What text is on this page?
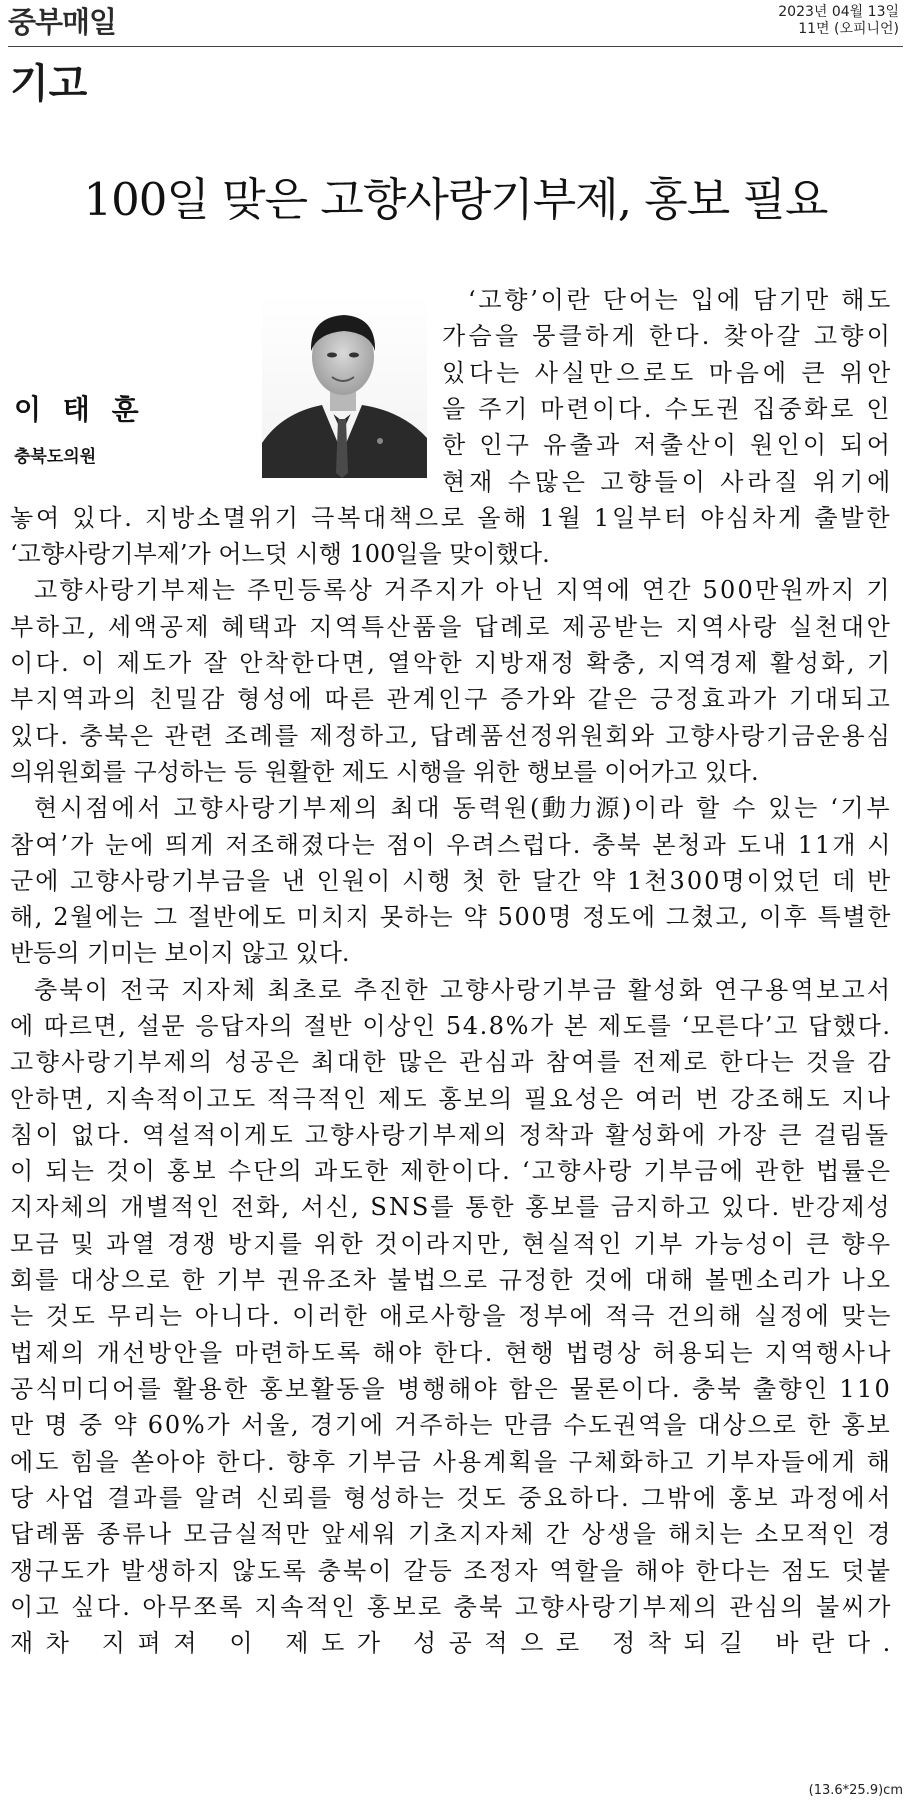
중부매일	2023년 04월 13일
11면 (오피니언)
기고
100일 맞은 고향사랑기부제, 홍보 필요
이 태 훈
충북도의원
‘고향’이란 단어는 입에 담기만 해도
가슴을 뭉클하게 한다. 찾아갈 고향이
있다는 사실만으로도 마음에 큰 위안
을 주기 마련이다. 수도권 집중화로 인
한 인구 유출과 저출산이 원인이 되어
현재 수많은 고향들이 사라질 위기에
놓여 있다. 지방소멸위기 극복대책으로 올해 1월 1일부터 야심차게 출발한
‘고향사랑기부제’가 어느덧 시행 100일을 맞이했다.
고향사랑기부제는 주민등록상 거주지가 아닌 지역에 연간 500만원까지 기
부하고, 세액공제 혜택과 지역특산품을 답례로 제공받는 지역사랑 실천대안
이다. 이 제도가 잘 안착한다면, 열악한 지방재정 확충, 지역경제 활성화, 기
부지역과의 친밀감 형성에 따른 관계인구 증가와 같은 긍정효과가 기대되고
있다. 충북은 관련 조례를 제정하고, 답례품선정위원회와 고향사랑기금운용심
의위원회를 구성하는 등 원활한 제도 시행을 위한 행보를 이어가고 있다.
현시점에서 고향사랑기부제의 최대 동력원(動力源)이라 할 수 있는 ‘기부
참여’가 눈에 띄게 저조해졌다는 점이 우려스럽다. 충북 본청과 도내 11개 시
군에 고향사랑기부금을 낸 인원이 시행 첫 한 달간 약 1천300명이었던 데 반
해, 2월에는 그 절반에도 미치지 못하는 약 500명 정도에 그쳤고, 이후 특별한
반등의 기미는 보이지 않고 있다.
충북이 전국 지자체 최초로 추진한 고향사랑기부금 활성화 연구용역보고서
에 따르면, 설문 응답자의 절반 이상인 54.8%가 본 제도를 ‘모른다’고 답했다.
고향사랑기부제의 성공은 최대한 많은 관심과 참여를 전제로 한다는 것을 감
안하면, 지속적이고도 적극적인 제도 홍보의 필요성은 여러 번 강조해도 지나
침이 없다. 역설적이게도 고향사랑기부제의 정착과 활성화에 가장 큰 걸림돌
이 되는 것이 홍보 수단의 과도한 제한이다. ‘고향사랑 기부금에 관한 법률은
지자체의 개별적인 전화, 서신, SNS를 통한 홍보를 금지하고 있다. 반강제성
모금 및 과열 경쟁 방지를 위한 것이라지만, 현실적인 기부 가능성이 큰 향우
회를 대상으로 한 기부 권유조차 불법으로 규정한 것에 대해 볼멘소리가 나오
는 것도 무리는 아니다. 이러한 애로사항을 정부에 적극 건의해 실정에 맞는
법제의 개선방안을 마련하도록 해야 한다. 현행 법령상 허용되는 지역행사나
공식미디어를 활용한 홍보활동을 병행해야 함은 물론이다. 충북 출향인 110
만 명 중 약 60%가 서울, 경기에 거주하는 만큼 수도권역을 대상으로 한 홍보
에도 힘을 쏟아야 한다. 향후 기부금 사용계획을 구체화하고 기부자들에게 해
당 사업 결과를 알려 신뢰를 형성하는 것도 중요하다. 그밖에 홍보 과정에서
답례품 종류나 모금실적만 앞세워 기초지자체 간 상생을 해치는 소모적인 경
쟁구도가 발생하지 않도록 충북이 갈등 조정자 역할을 해야 한다는 점도 덧붙
이고 싶다. 아무쪼록 지속적인 홍보로 충북 고향사랑기부제의 관심의 불씨가
재차 지펴져 이 제도가 성공적으로 정착되길 바란다.
(13.6*25.9)cm
